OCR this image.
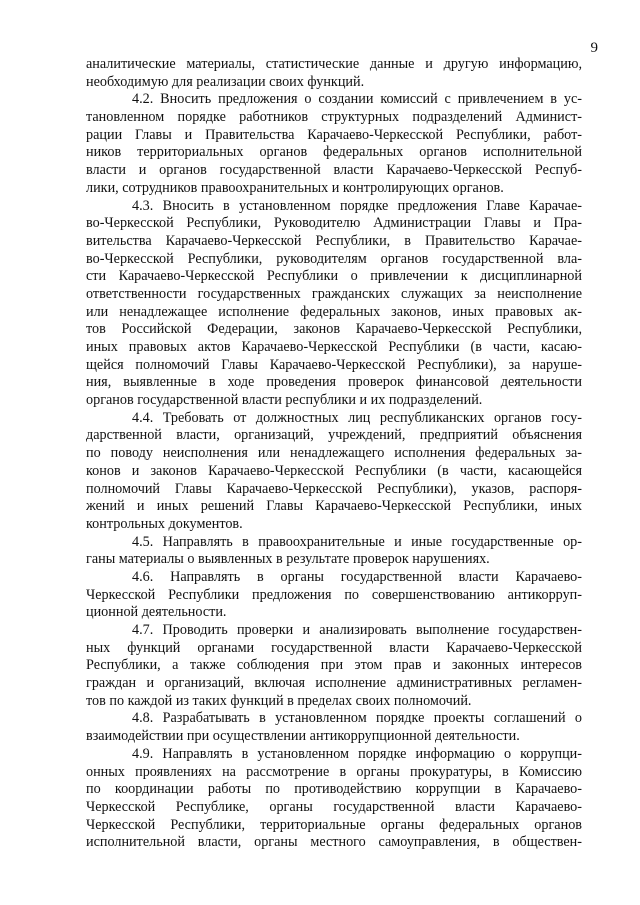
9
аналитические материалы, статистические данные и другую информацию,
необходимую для реализации своих функций.
4.2. Вносить предложения о создании комиссий с привлечением в ус-
тановленном порядке работников структурных подразделений Админист-
рации Главы и Правительства Карачаево-Черкесской Республики, работ-
ников территориальных органов федеральных органов исполнительной
власти и органов государственной власти Карачаево-Черкесской Респуб-
лики, сотрудников правоохранительных и контролирующих органов.
4.3. Вносить в установленном порядке предложения Главе Карачае-
во-Черкесской Республики, Руководителю Администрации Главы и Пра-
вительства Карачаево-Черкесской Республики, в Правительство Карачае-
во-Черкесской Республики, руководителям органов государственной вла-
сти Карачаево-Черкесской Республики о привлечении к дисциплинарной
ответственности государственных гражданских служащих за неисполнение
или ненадлежащее исполнение федеральных законов, иных правовых ак-
тов Российской Федерации, законов Карачаево-Черкесской Республики,
иных правовых актов Карачаево-Черкесской Республики (в части, касаю-
щейся полномочий Главы Карачаево-Черкесской Республики), за наруше-
ния, выявленные в ходе проведения проверок финансовой деятельности
органов государственной власти республики и их подразделений.
4.4. Требовать от должностных лиц республиканских органов госу-
дарственной власти, организаций, учреждений, предприятий объяснения
по поводу неисполнения или ненадлежащего исполнения федеральных за-
конов и законов Карачаево-Черкесской Республики (в части, касающейся
полномочий Главы Карачаево-Черкесской Республики), указов, распоря-
жений и иных решений Главы Карачаево-Черкесской Республики, иных
контрольных документов.
4.5. Направлять в правоохранительные и иные государственные ор-
ганы материалы о выявленных в результате проверок нарушениях.
4.6. Направлять в органы государственной власти Карачаево-
Черкесской Республики предложения по совершенствованию антикорруп-
ционной деятельности.
4.7. Проводить проверки и анализировать выполнение государствен-
ных функций органами государственной власти Карачаево-Черкесской
Республики, а также соблюдения при этом прав и законных интересов
граждан и организаций, включая исполнение административных регламен-
тов по каждой из таких функций в пределах своих полномочий.
4.8. Разрабатывать в установленном порядке проекты соглашений о
взаимодействии при осуществлении антикоррупционной деятельности.
4.9. Направлять в установленном порядке информацию о коррупци-
онных проявлениях на рассмотрение в органы прокуратуры, в Комиссию
по координации работы по противодействию коррупции в Карачаево-
Черкесской Республике, органы государственной власти Карачаево-
Черкесской Республики, территориальные органы федеральных органов
исполнительной власти, органы местного самоуправления, в обществен-
